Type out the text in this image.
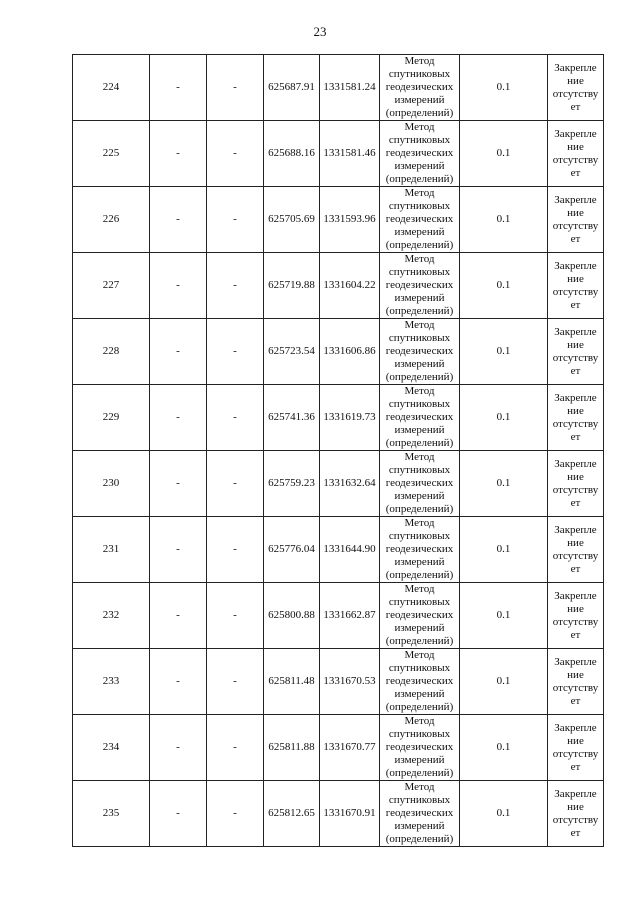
23
224	-	-	625687.91	1331581.24	Метод
спутниковых
геодезических
измерений
(определений)	0.1	Закрепле
ние
отсутству
ет

225	-	-	625688.16	1331581.46	Метод
спутниковых
геодезических
измерений
(определений)	0.1	Закрепле
ние
отсутству
ет

226	-	-	625705.69	1331593.96	Метод
спутниковых
геодезических
измерений
(определений)	0.1	Закрепле
ние
отсутству
ет

227	-	-	625719.88	1331604.22	Метод
спутниковых
геодезических
измерений
(определений)	0.1	Закрепле
ние
отсутству
ет

228	-	-	625723.54	1331606.86	Метод
спутниковых
геодезических
измерений
(определений)	0.1	Закрепле
ние
отсутству
ет

229	-	-	625741.36	1331619.73	Метод
спутниковых
геодезических
измерений
(определений)	0.1	Закрепле
ние
отсутству
ет

230	-	-	625759.23	1331632.64	Метод
спутниковых
геодезических
измерений
(определений)	0.1	Закрепле
ние
отсутству
ет

231	-	-	625776.04	1331644.90	Метод
спутниковых
геодезических
измерений
(определений)	0.1	Закрепле
ние
отсутству
ет

232	-	-	625800.88	1331662.87	Метод
спутниковых
геодезических
измерений
(определений)	0.1	Закрепле
ние
отсутству
ет

233	-	-	625811.48	1331670.53	Метод
спутниковых
геодезических
измерений
(определений)	0.1	Закрепле
ние
отсутству
ет

234	-	-	625811.88	1331670.77	Метод
спутниковых
геодезических
измерений
(определений)	0.1	Закрепле
ние
отсутству
ет

235	-	-	625812.65	1331670.91	Метод
спутниковых
геодезических
измерений
(определений)	0.1	Закрепле
ние
отсутству
ет
